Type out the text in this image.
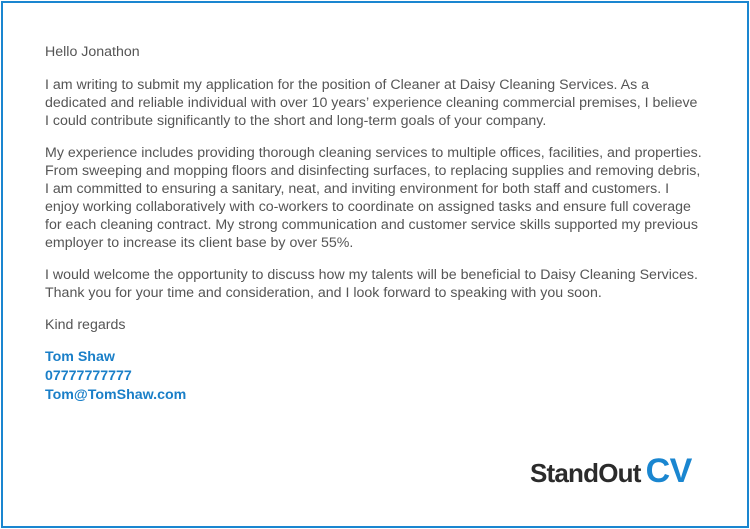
Hello Jonathon

I am writing to submit my application for the position of Cleaner at Daisy Cleaning Services. As a dedicated and reliable individual with over 10 years’ experience cleaning commercial premises, I believe I could contribute significantly to the short and long-term goals of your company.

My experience includes providing thorough cleaning services to multiple offices, facilities, and properties. From sweeping and mopping floors and disinfecting surfaces, to replacing supplies and removing debris, I am committed to ensuring a sanitary, neat, and inviting environment for both staff and customers. I enjoy working collaboratively with co-workers to coordinate on assigned tasks and ensure full coverage for each cleaning contract. My strong communication and customer service skills supported my previous employer to increase its client base by over 55%.

I would welcome the opportunity to discuss how my talents will be beneficial to Daisy Cleaning Services. Thank you for your time and consideration, and I look forward to speaking with you soon.

Kind regards

Tom Shaw
07777777777
Tom@TomShaw.com
StandOut CV
